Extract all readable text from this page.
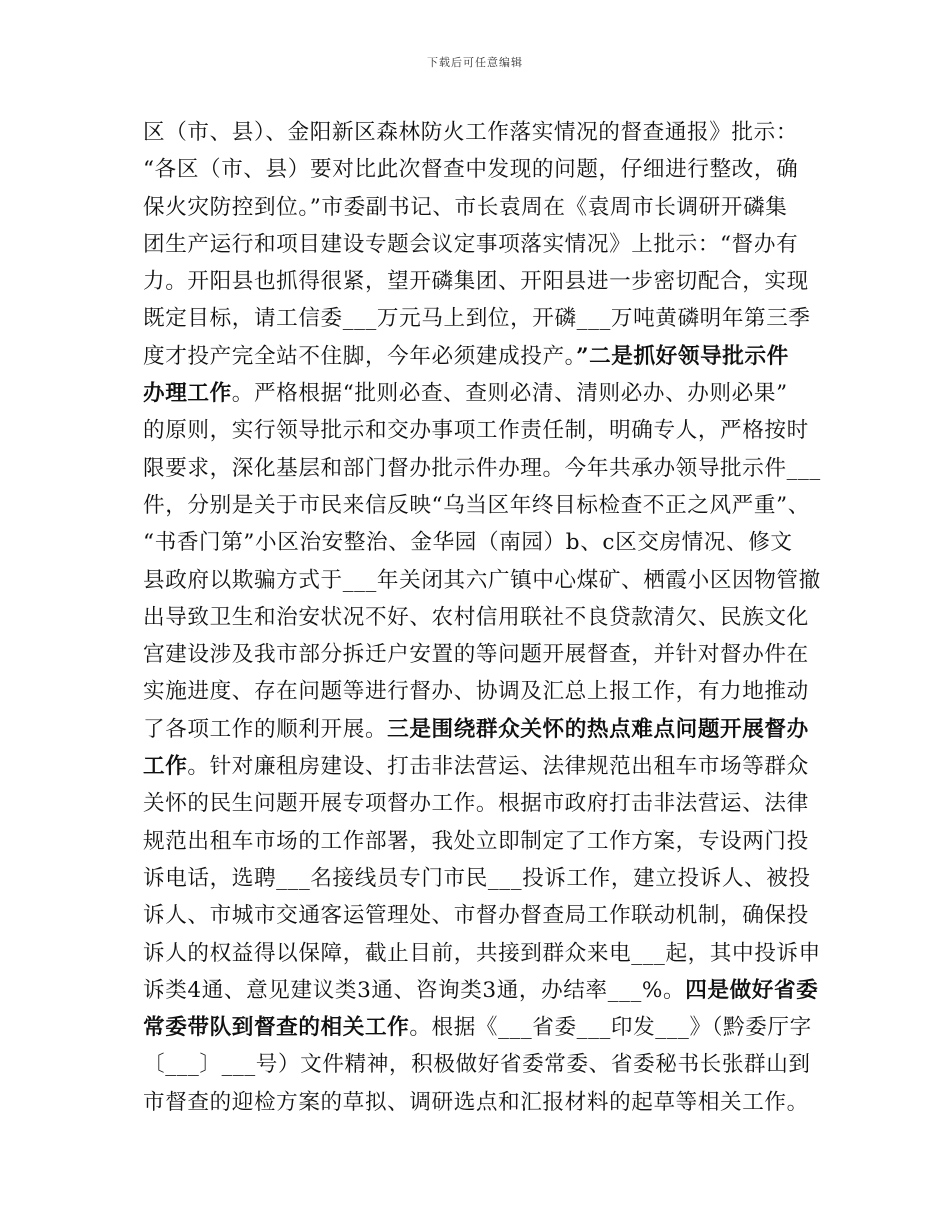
下载后可任意编辑

区（市、县）、金阳新区森林防火工作落实情况的督查通报》批示：
“各区（市、县）要对比此次督查中发现的问题，仔细进行整改，确
保火灾防控到位。”市委副书记、市长袁周在《袁周市长调研开磷集
团生产运行和项目建设专题会议定事项落实情况》上批示：“督办有
力。开阳县也抓得很紧，望开磷集团、开阳县进一步密切配合，实现
既定目标，请工信委___万元马上到位，开磷___万吨黄磷明年第三季
度才投产完全站不住脚，今年必须建成投产。”二是抓好领导批示件
办理工作。严格根据“批则必查、查则必清、清则必办、办则必果”
的原则，实行领导批示和交办事项工作责任制，明确专人，严格按时
限要求，深化基层和部门督办批示件办理。今年共承办领导批示件___
件，分别是关于市民来信反映“乌当区年终目标检查不正之风严重”、
“书香门第”小区治安整治、金华园（南园）b、c区交房情况、修文
县政府以欺骗方式于___年关闭其六广镇中心煤矿、栖霞小区因物管撤
出导致卫生和治安状况不好、农村信用联社不良贷款清欠、民族文化
宫建设涉及我市部分拆迁户安置的等问题开展督查，并针对督办件在
实施进度、存在问题等进行督办、协调及汇总上报工作，有力地推动
了各项工作的顺利开展。三是围绕群众关怀的热点难点问题开展督办
工作。针对廉租房建设、打击非法营运、法律规范出租车市场等群众
关怀的民生问题开展专项督办工作。根据市政府打击非法营运、法律
规范出租车市场的工作部署，我处立即制定了工作方案，专设两门投
诉电话，选聘___名接线员专门市民___投诉工作，建立投诉人、被投
诉人、市城市交通客运管理处、市督办督查局工作联动机制，确保投
诉人的权益得以保障，截止目前，共接到群众来电___起，其中投诉申
诉类4通、意见建议类3通、咨询类3通，办结率___%。四是做好省委
常委带队到督查的相关工作。根据《___省委___印发___》（黔委厅字
〔___〕___号）文件精神，积极做好省委常委、省委秘书长张群山到
市督查的迎检方案的草拟、调研选点和汇报材料的起草等相关工作。
